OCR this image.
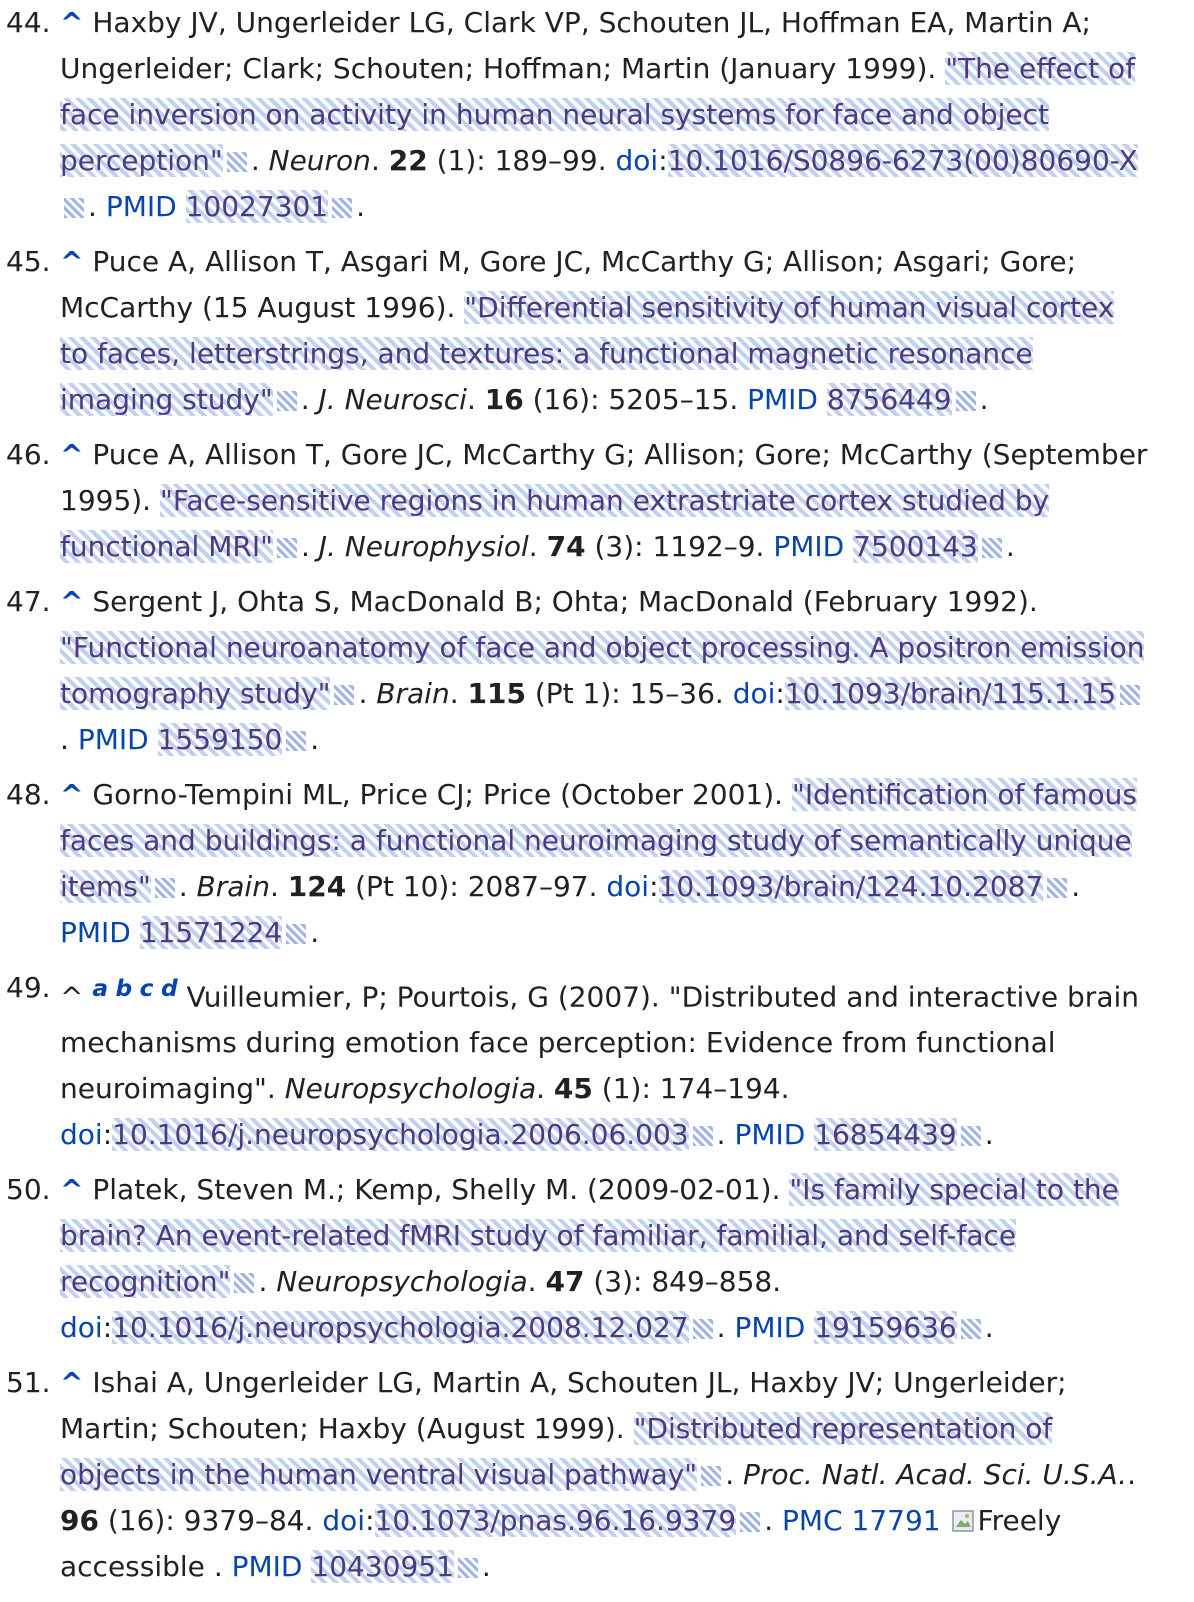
44. ^ Haxby JV, Ungerleider LG, Clark VP, Schouten JL, Hoffman EA, Martin A; Ungerleider; Clark; Schouten; Hoffman; Martin (January 1999). "The effect of face inversion on activity in human neural systems for face and object perception" . Neuron. 22 (1): 189–99. doi:10.1016/S0896-6273(00)80690-X. PMID 10027301 .
45. ^ Puce A, Allison T, Asgari M, Gore JC, McCarthy G; Allison; Asgari; Gore; McCarthy (15 August 1996). "Differential sensitivity of human visual cortex to faces, letterstrings, and textures: a functional magnetic resonance imaging study" . J. Neurosci. 16 (16): 5205–15. PMID 8756449 .
46. ^ Puce A, Allison T, Gore JC, McCarthy G; Allison; Gore; McCarthy (September 1995). "Face-sensitive regions in human extrastriate cortex studied by functional MRI" . J. Neurophysiol. 74 (3): 1192–9. PMID 7500143 .
47. ^ Sergent J, Ohta S, MacDonald B; Ohta; MacDonald (February 1992). "Functional neuroanatomy of face and object processing. A positron emission tomography study" . Brain. 115 (Pt 1): 15–36. doi:10.1093/brain/115.1.15. PMID 1559150 .
48. ^ Gorno-Tempini ML, Price CJ; Price (October 2001). "Identification of famous faces and buildings: a functional neuroimaging study of semantically unique items" . Brain. 124 (Pt 10): 2087–97. doi:10.1093/brain/124.10.2087 . PMID 11571224 .
49. ^ $^{a b c d}$ Vuilleumier, P; Pourtois, G (2007). "Distributed and interactive brain mechanisms during emotion face perception: Evidence from functional neuroimaging". Neuropsychologia. 45 (1): 174–194. doi:10.1016/j.neuropsychologia.2006.06.003 . PMID 16854439 .
50. ^ Platek, Steven M.; Kemp, Shelly M. (2009-02-01). "Is family special to the brain? An event-related fMRI study of familiar, familial, and self-face recognition" . Neuropsychologia. 47 (3): 849–858. doi:10.1016/j.neuropsychologia.2008.12.027 . PMID 19159636 .
51. ^ Ishai A, Ungerleider LG, Martin A, Schouten JL, Haxby JV; Ungerleider; Martin; Schouten; Haxby (August 1999). "Distributed representation of objects in the human ventral visual pathway" . Proc. Natl. Acad. Sci. U.S.A.. 96 (16): 9379–84. doi:10.1073/pnas.96.16.9379 . PMC 17791 Freely accessible . PMID 10430951 .
